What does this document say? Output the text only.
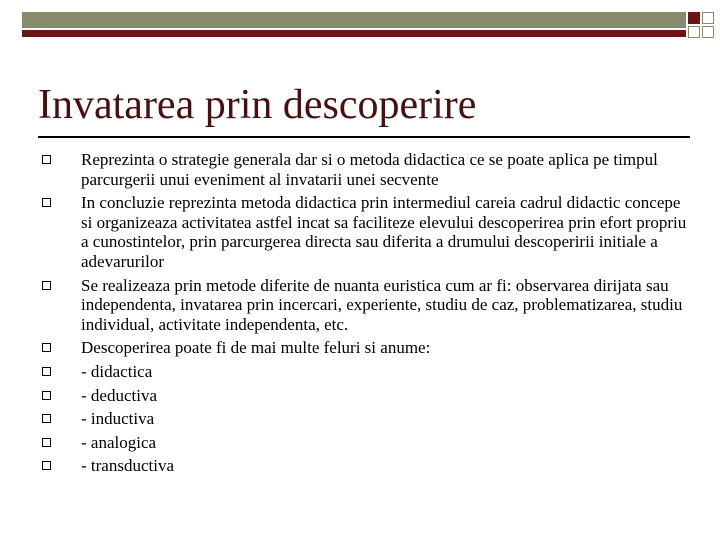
Invatarea prin descoperire
Reprezinta o strategie generala dar si o metoda didactica ce se poate aplica pe timpul parcurgerii unui eveniment al invatarii unei secvente
In concluzie reprezinta metoda didactica prin intermediul careia cadrul didactic concepe si organizeaza activitatea astfel incat sa faciliteze elevului descoperirea prin efort propriu a cunostintelor, prin parcurgerea directa sau diferita a drumului descoperirii initiale a adevarurilor
Se realizeaza prin metode diferite de nuanta euristica cum ar fi: observarea dirijata sau independenta, invatarea prin incercari, experiente, studiu de caz, problematizarea, studiu individual, activitate independenta, etc.
Descoperirea poate fi de mai multe feluri si anume:
- didactica
- deductiva
- inductiva
- analogica
- transductiva
